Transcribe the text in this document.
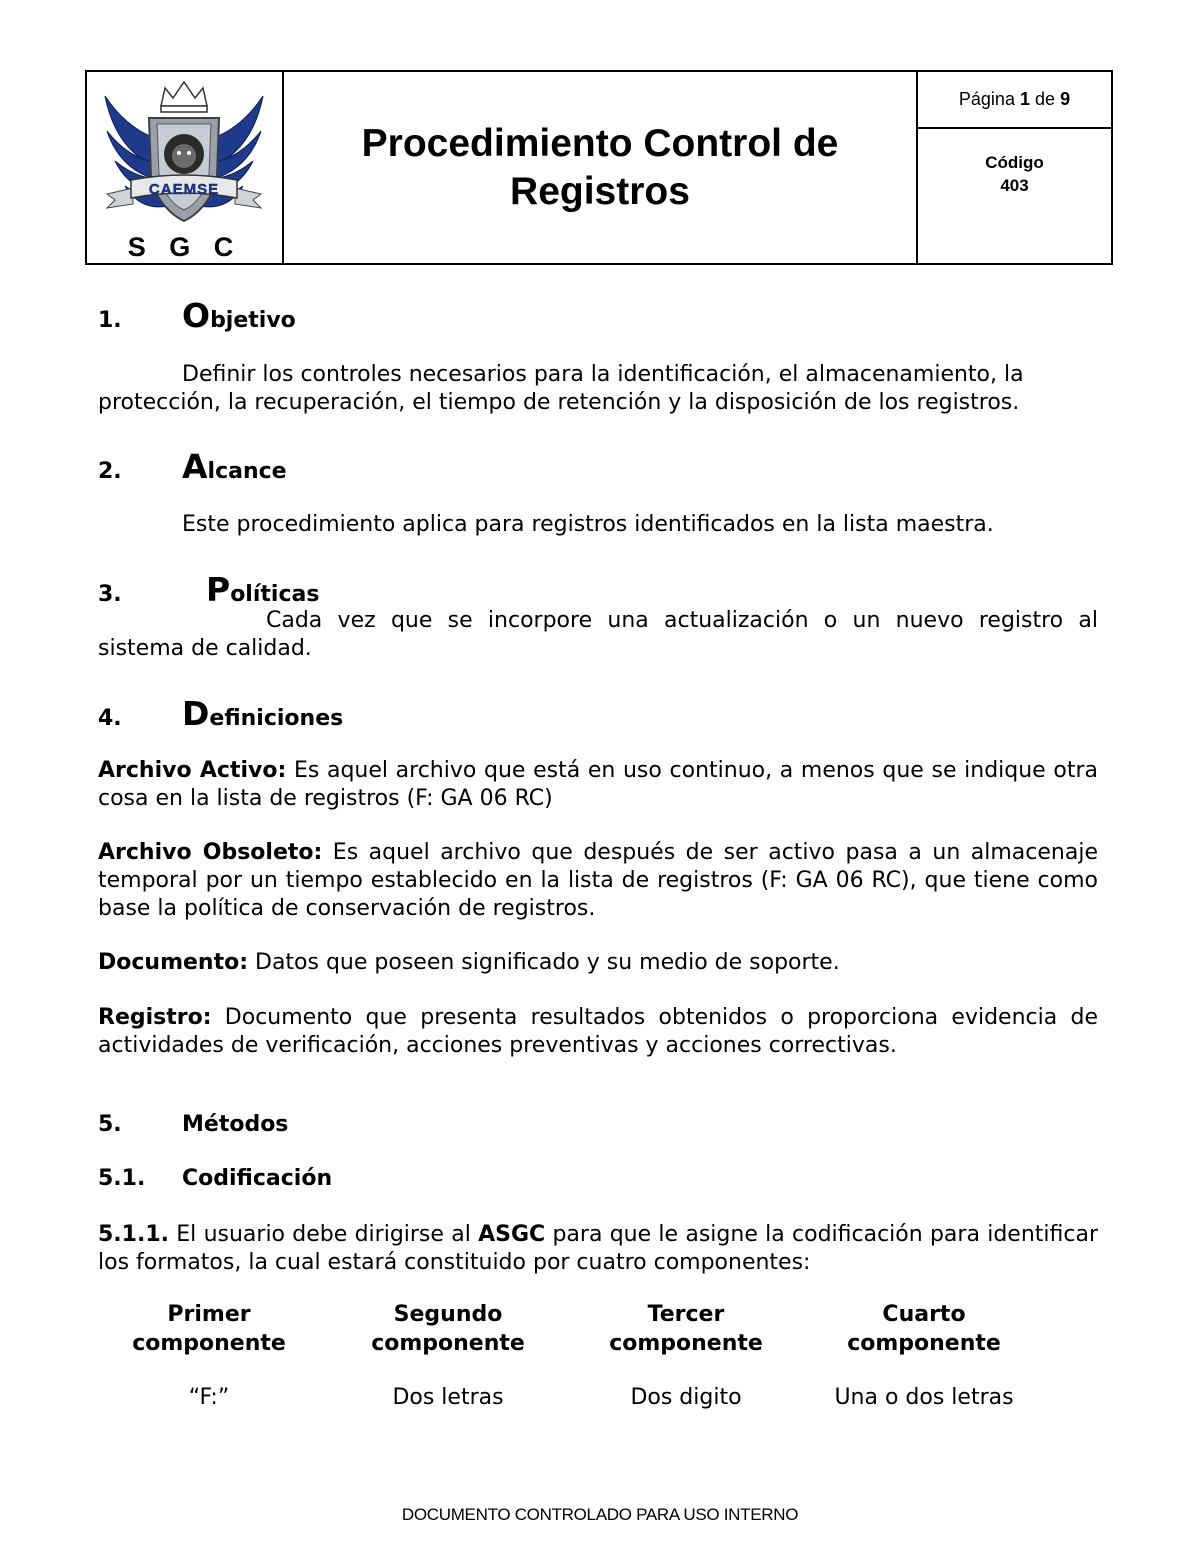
CAEMSE
S G C
Procedimiento Control de
Registros
Página
1
de
9
Código
403
1. Objetivo
Definir los controles necesarios para la identificación, el almacenamiento, la
protección, la recuperación, el tiempo de retención y la disposición de los registros.
2. Alcance
Este procedimiento aplica para registros identificados en la lista maestra.
3.	Políticas
Cada vez que se incorpore una actualización o un nuevo registro al sistema de calidad.
4. Definiciones
Archivo Activo: Es aquel archivo que está en uso continuo, a menos que se indique otra cosa en la lista de registros (F: GA 06 RC)
Archivo Obsoleto: Es aquel archivo que después de ser activo pasa a un almacenaje temporal por un tiempo establecido en la lista de registros (F: GA 06 RC), que tiene como base la política de conservación de registros.
Documento: Datos que poseen significado y su medio de soporte.
Registro: Documento que presenta resultados obtenidos o proporciona evidencia de actividades de verificación, acciones preventivas y acciones correctivas.
5.	Métodos
5.1. Codificación
5.1.1. El usuario debe dirigirse al ASGC para que le asigne la codificación para identificar los formatos, la cual estará constituido por cuatro componentes:
Primer
componente
“F:”
Segundo
componente
Dos letras
Tercer
componente
Dos digito
Cuarto
componente
Una o dos letras
DOCUMENTO CONTROLADO PARA USO INTERNO
